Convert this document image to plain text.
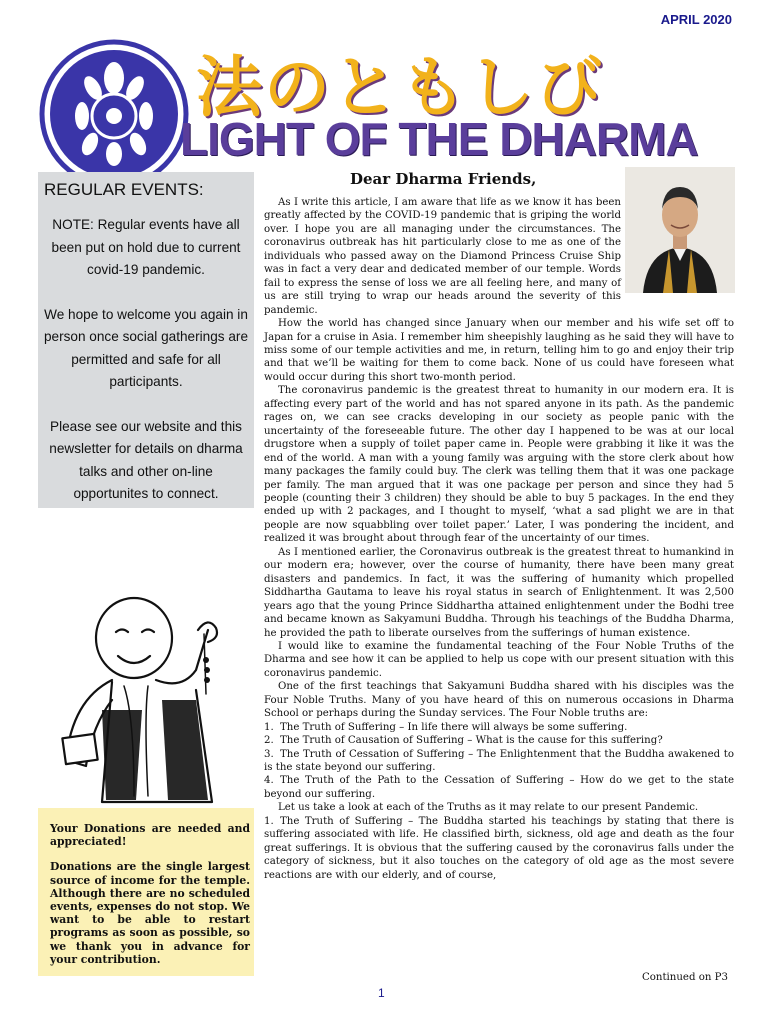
APRIL 2020
法のともしび
LIGHT OF THE DHARMA
REGULAR EVENTS:

NOTE: Regular events have all been put on hold due to current covid-19 pandemic.

We hope to welcome you again in person once social gatherings are permitted and safe for all participants.

Please see our website and this newsletter for details on dharma talks and other on-line opportunites to connect.

Your Donations are needed and appreciated!

Donations are the single largest source of income for the temple. Although there are no scheduled events, expenses do not stop. We want to be able to restart programs as soon as possible, so we thank you in advance for your contribution.

Dear Dharma Friends,

As I write this article, I am aware that life as we know it has been greatly affected by the COVID-19 pandemic that is griping the world over. I hope you are all managing under the circumstances. The coronavirus outbreak has hit particularly close to me as one of the individuals who passed away on the Diamond Princess Cruise Ship was in fact a very dear and dedicated member of our temple. Words fail to express the sense of loss we are all feeling here, and many of us are still trying to wrap our heads around the severity of this pandemic.

How the world has changed since January when our member and his wife set off to Japan for a cruise in Asia. I remember him sheepishly laughing as he said they will have to miss some of our temple activities and me, in return, telling him to go and enjoy their trip and that we’ll be waiting for them to come back. None of us could have foreseen what would occur during this short two-month period.

The coronavirus pandemic is the greatest threat to humanity in our modern era. It is affecting every part of the world and has not spared anyone in its path. As the pandemic rages on, we can see cracks developing in our society as people panic with the uncertainty of the foreseeable future. The other day I happened to be was at our local drugstore when a supply of toilet paper came in. People were grabbing it like it was the end of the world. A man with a young family was arguing with the store clerk about how many packages the family could buy. The clerk was telling them that it was one package per family. The man argued that it was one package per person and since they had 5 people (counting their 3 children) they should be able to buy 5 packages. In the end they ended up with 2 packages, and I thought to myself, ‘what a sad plight we are in that people are now squabbling over toilet paper.’ Later, I was pondering the incident, and realized it was brought about through fear of the uncertainty of our times.

As I mentioned earlier, the Coronavirus outbreak is the greatest threat to humankind in our modern era; however, over the course of humanity, there have been many great disasters and pandemics. In fact, it was the suffering of humanity which propelled Siddhartha Gautama to leave his royal status in search of Enlightenment. It was 2,500 years ago that the young Prince Siddhartha attained enlightenment under the Bodhi tree and became known as Sakyamuni Buddha. Through his teachings of the Buddha Dharma, he provided the path to liberate ourselves from the sufferings of human existence.

I would like to examine the fundamental teaching of the Four Noble Truths of the Dharma and see how it can be applied to help us cope with our present situation with this coronavirus pandemic.

One of the first teachings that Sakyamuni Buddha shared with his disciples was the Four Noble Truths. Many of you have heard of this on numerous occasions in Dharma School or perhaps during the Sunday services. The Four Noble truths are:

1. The Truth of Suffering – In life there will always be some suffering.

2. The Truth of Causation of Suffering – What is the cause for this suffering?

3. The Truth of Cessation of Suffering – The Enlightenment that the Buddha awakened to is the state beyond our suffering.

4. The Truth of the Path to the Cessation of Suffering – How do we get to the state beyond our suffering.

Let us take a look at each of the Truths as it may relate to our present Pandemic.

1. The Truth of Suffering – The Buddha started his teachings by stating that there is suffering associated with life. He classified birth, sickness, old age and death as the four great sufferings. It is obvious that the suffering caused by the coronavirus falls under the category of sickness, but it also touches on the category of old age as the most severe reactions are with our elderly, and of course,

Continued on P3
1
